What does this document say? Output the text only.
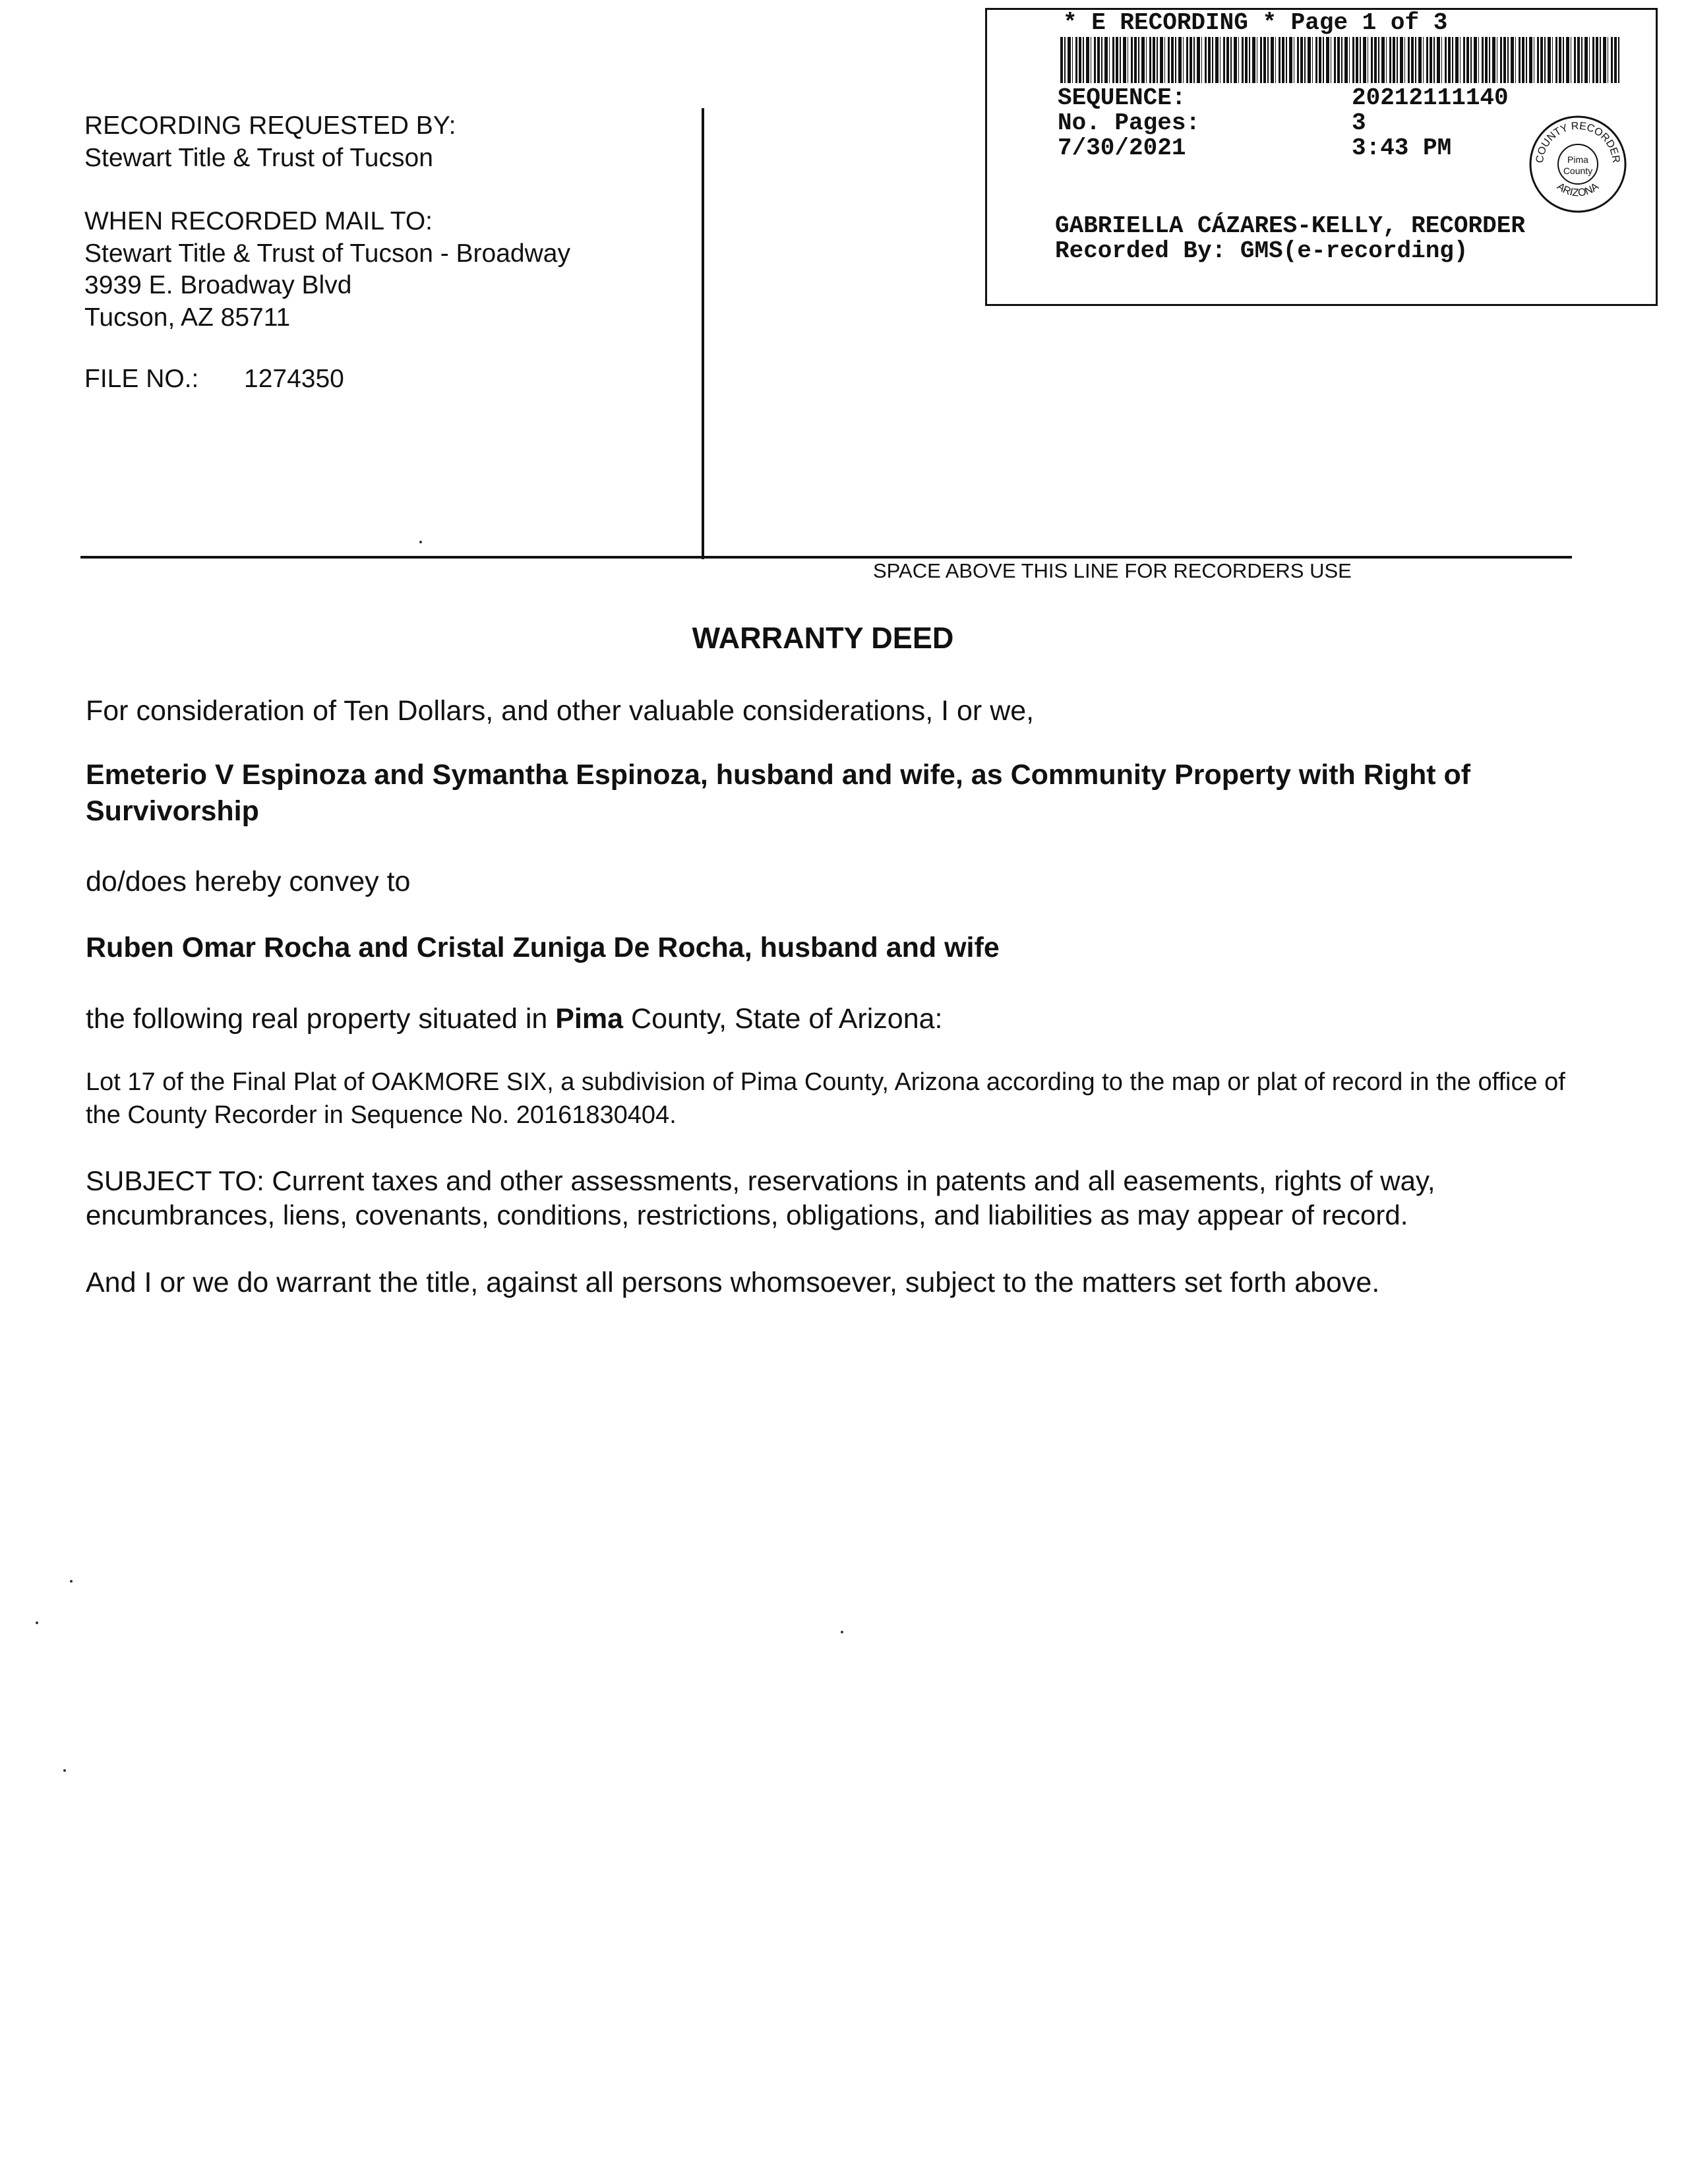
RECORDING REQUESTED BY:
Stewart Title & Trust of Tucson
WHEN RECORDED MAIL TO:
Stewart Title & Trust of Tucson - Broadway
3939 E. Broadway Blvd
Tucson, AZ 85711
FILE NO.: 1274350
* E RECORDING * Page 1 of 3
SEQUENCE:	20212111140
No. Pages:	3
7/30/2021	3:43 PM	COUNTY RECORDER
ARIZONA
Pima
County
GABRIELLA CÁZARES-KELLY, RECORDER
Recorded By: GMS(e-recording)
SPACE ABOVE THIS LINE FOR RECORDERS USE
WARRANTY DEED
For consideration of Ten Dollars, and other valuable considerations, I or we,
Emeterio V Espinoza and Symantha Espinoza, husband and wife, as Community Property with Right of Survivorship
do/does hereby convey to
Ruben Omar Rocha and Cristal Zuniga De Rocha, husband and wife
the following real property situated in Pima County, State of Arizona:
Lot 17 of the Final Plat of OAKMORE SIX, a subdivision of Pima County, Arizona according to the map or plat of record in the office of the County Recorder in Sequence No. 20161830404.
SUBJECT TO: Current taxes and other assessments, reservations in patents and all easements, rights of way, encumbrances, liens, covenants, conditions, restrictions, obligations, and liabilities as may appear of record.
And I or we do warrant the title, against all persons whomsoever, subject to the matters set forth above.
